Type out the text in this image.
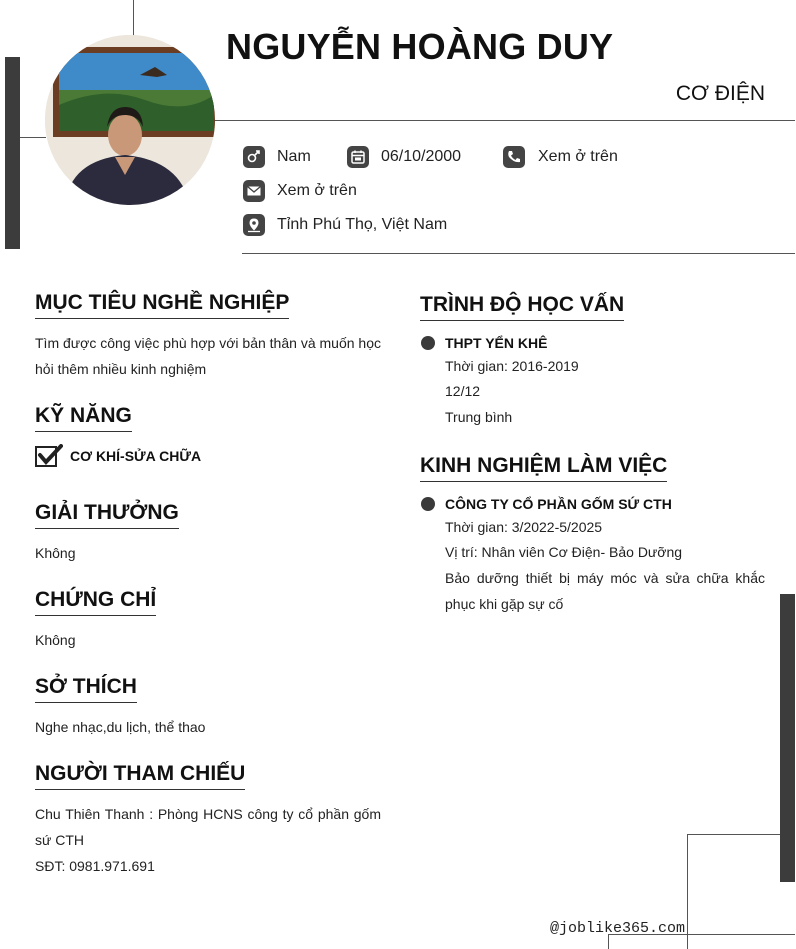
NGUYỄN HOÀNG DUY
CƠ ĐIỆN
Nam	06/10/2000	Xem ở trên
Xem ở trên
Tỉnh Phú Thọ, Việt Nam
MỤC TIÊU NGHỀ NGHIỆP
Tìm được công việc phù hợp với bản thân và muốn học hỏi thêm nhiều kinh nghiệm
KỸ NĂNG
CƠ KHÍ-SỬA CHỮA
GIẢI THƯỞNG
Không
CHỨNG CHỈ
Không
SỞ THÍCH
Nghe nhạc,du lịch, thể thao
NGƯỜI THAM CHIẾU
Chu Thiên Thanh : Phòng HCNS công ty cổ phần gốm sứ CTH
SĐT: 0981.971.691
TRÌNH ĐỘ HỌC VẤN
THPT YỂN KHÊ
Thời gian: 2016-2019
12/12
Trung bình
KINH NGHIỆM LÀM VIỆC
CÔNG TY CỔ PHẦN GỐM SỨ CTH
Thời gian: 3/2022-5/2025
Vị trí: Nhân viên Cơ Điện- Bảo Dưỡng
Bảo dưỡng thiết bị máy móc và sửa chữa khắc phục khi gặp sự cố
@joblike365.com
